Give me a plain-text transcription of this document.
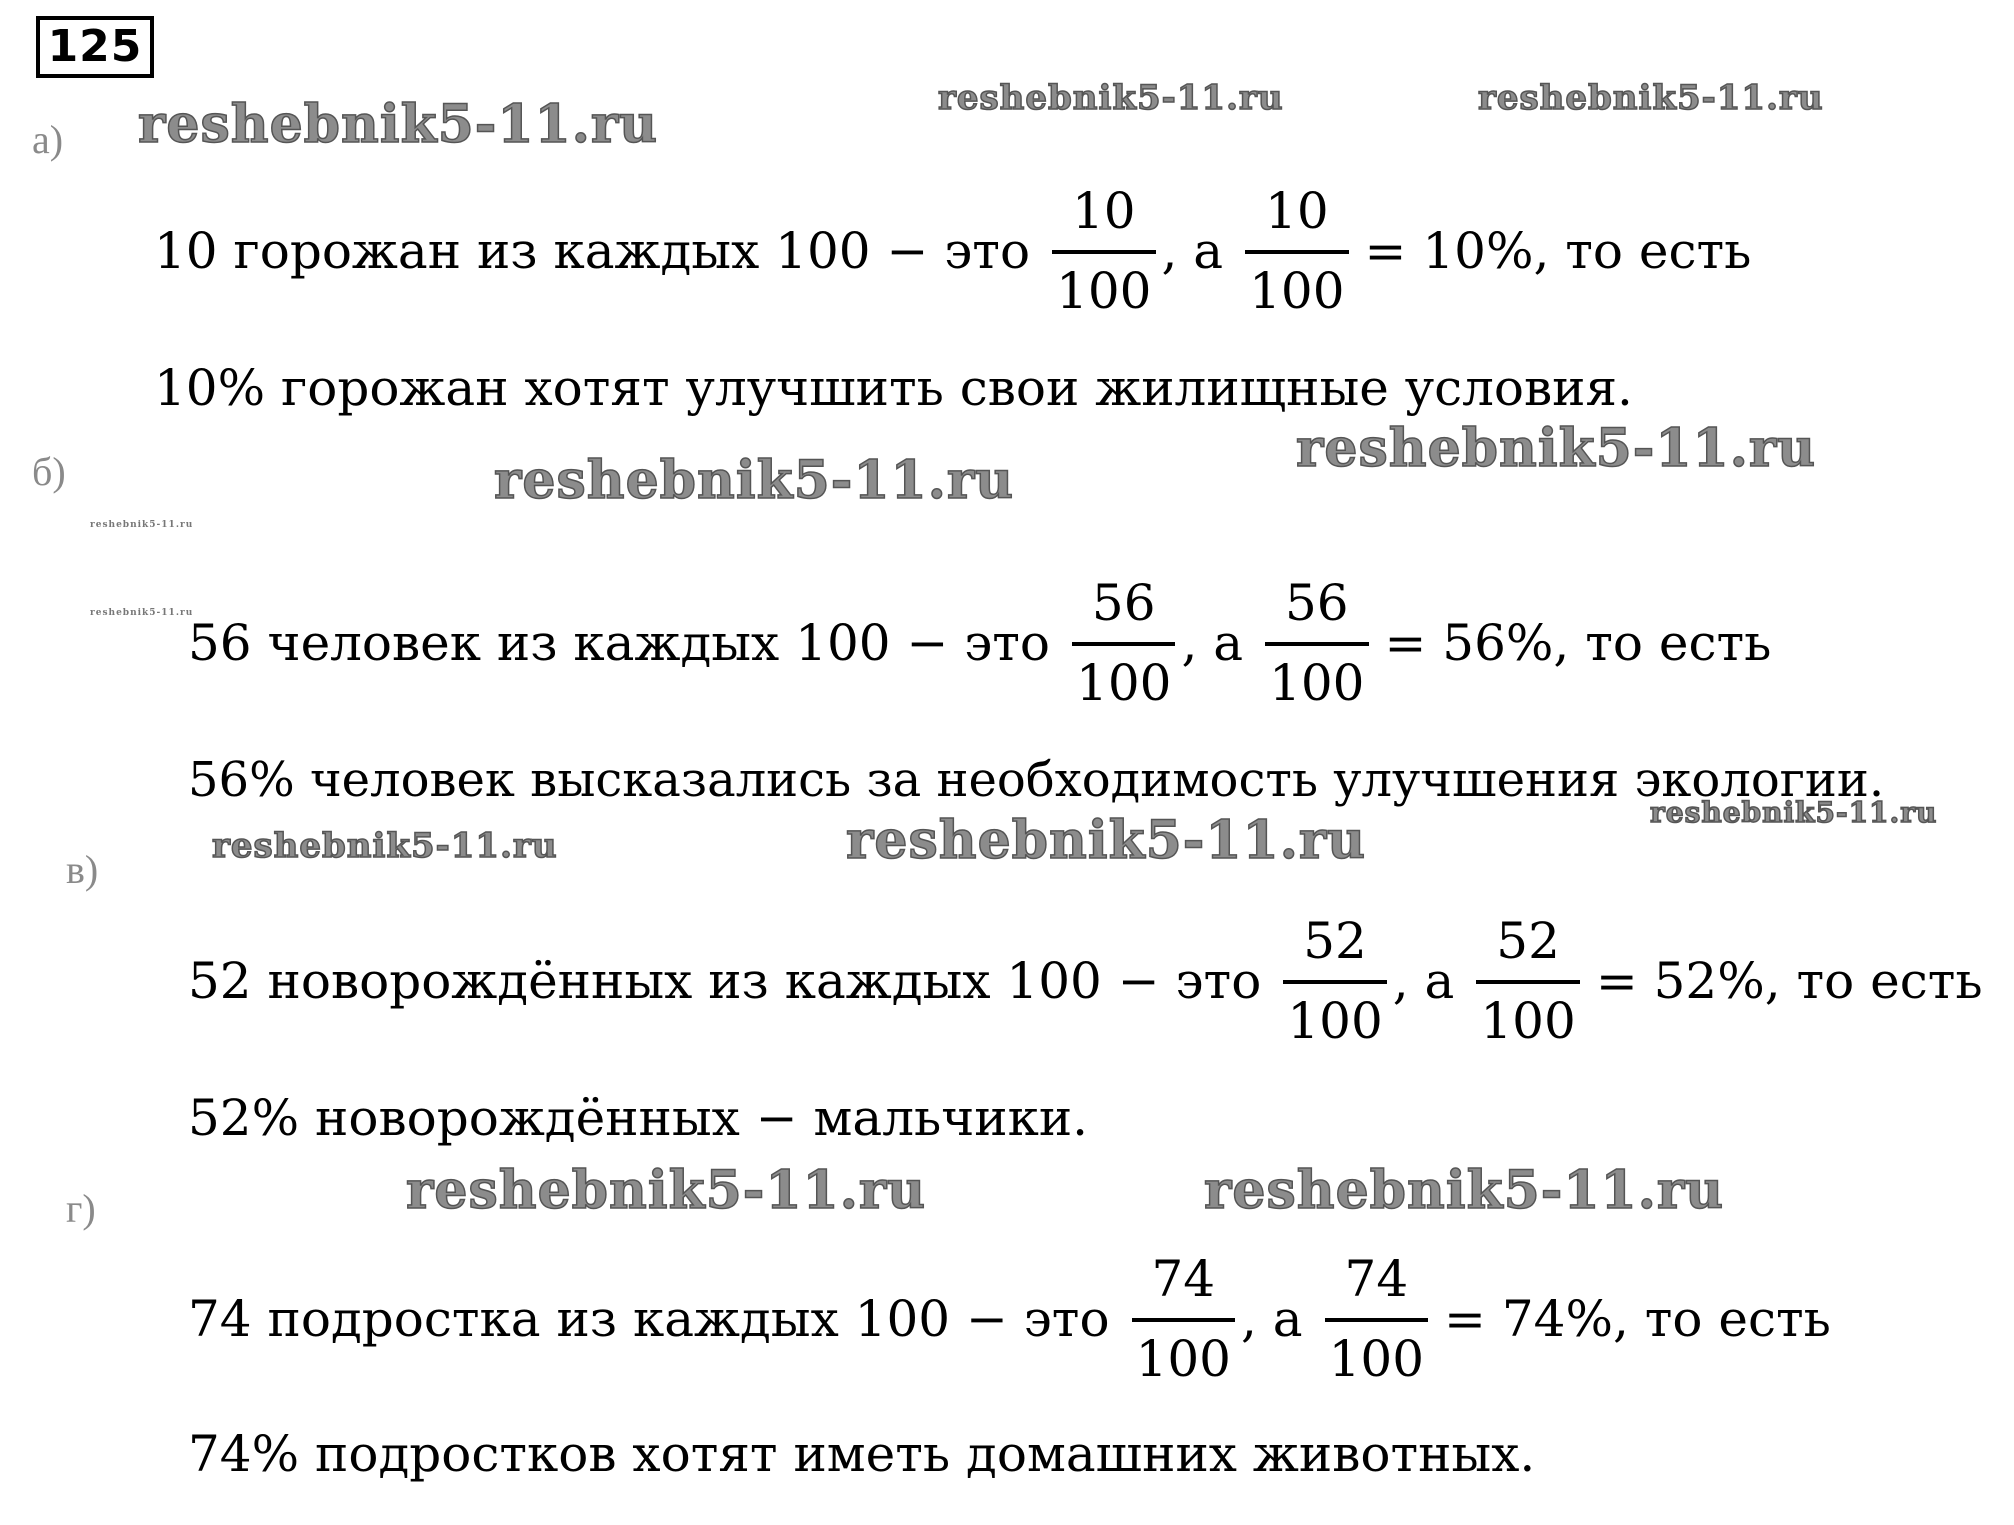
125
а)
б)
в)
г)
10 горожан из каждых 100 − это $\frac{10}{100}$ , а $\frac{10}{100} = 10\%$, то есть
10% горожан хотят улучшить свои жилищные условия.
56 человек из каждых 100 − это $\frac{56}{100}$ , а $\frac{56}{100} = 56\%$, то есть
56% человек высказались за необходимость улучшения экологии.
52 новорождённых из каждых 100 − это $\frac{52}{100}$ , а $\frac{52}{100} = 52\%$, то есть
52% новорождённых − мальчики.
74 подростка из каждых 100 − это $\frac{74}{100}$ , а $\frac{74}{100} = 74\%$, то есть
74% подростков хотят иметь домашних животных.
reshebnik5-11.ru	reshebnik5-11.ru	reshebnik5-11.ru
reshebnik5-11.ru
reshebnik5-11.ru
reshebnik5-11.ru
reshebnik5-11.ru
reshebnik5-11.ru	reshebnik5-11.ru	reshebnik5-11.ru
reshebnik5-11.ru	reshebnik5-11.ru
